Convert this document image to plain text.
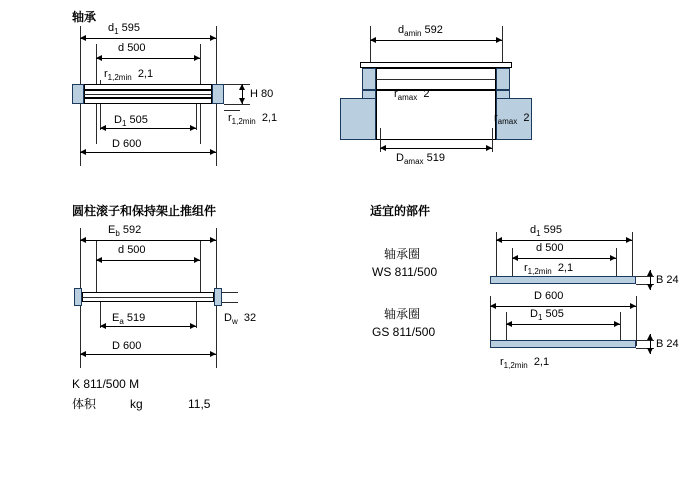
轴承
圆柱滚子和保持架止推组件	适宜的部件
$d_1$ 595
d 500
$r_{1,2min}$ 2,1
H 80
$r_{1,2min}$ 2,1
$D_1$ 505
D 600
$d_{amin}$ 592
$r_{amax}$ 2
$r_{amax}$ 2
$D_{amax}$ 519
$E_b$ 592
d 500
$D_w$ 32
$E_a$ 519
D 600
K 811/500 M
体积	kg	11,5
轴承圈
WS 811/500
$d_1$ 595
d 500
$r_{1,2min}$ 2,1
B 24
轴承圈
GS 811/500
D 600
$D_1$ 505
B 24
$r_{1,2min}$ 2,1
